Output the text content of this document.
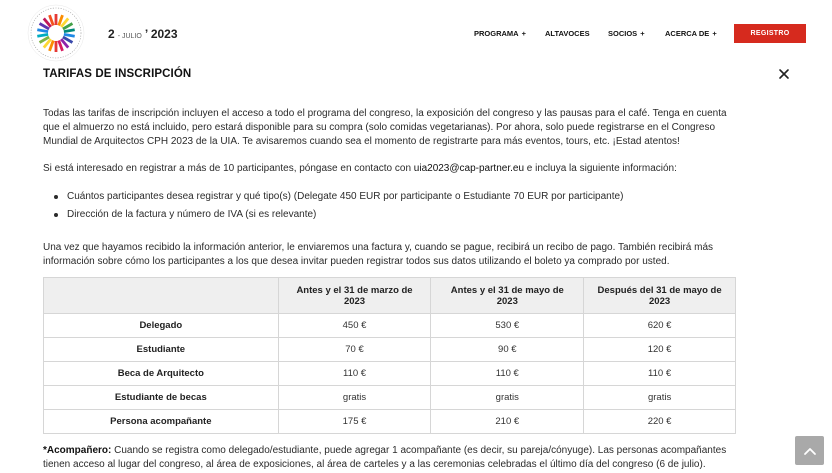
2 - JULIO ’ 2023	PROGRAMA +	ALTAVOCES SOCIOS +	ACERCA DE +	REGISTRO
TARIFAS DE INSCRIPCIÓN

Todas las tarifas de inscripción incluyen el acceso a todo el programa del congreso, la exposición del congreso y las pausas para el café. Tenga en cuenta que el almuerzo no está incluido, pero estará disponible para su compra (solo comidas vegetarianas). Por ahora, solo puede registrarse en el Congreso Mundial de Arquitectos CPH 2023 de la UIA. Te avisaremos cuando sea el momento de registrarte para más eventos, tours, etc. ¡Estad atentos!

Si está interesado en registrar a más de 10 participantes, póngase en contacto con uia2023@cap-partner.eu e incluya la siguiente información:

Cuántos participantes desea registrar y qué tipo(s) (Delegate 450 EUR por participante o Estudiante 70 EUR por participante)
Dirección de la factura y número de IVA (si es relevante)

Una vez que hayamos recibido la información anterior, le enviaremos una factura y, cuando se pague, recibirá un recibo de pago. También recibirá más información sobre cómo los participantes a los que desea invitar pueden registrar todos sus datos utilizando el boleto ya comprado por usted.

	Antes y el 31 de marzo de 2023	Antes y el 31 de mayo de 2023	Después del 31 de mayo de 2023
Delegado	450 €	530 €	620 €
Estudiante	70 €	90 €	120 €
Beca de Arquitecto	110 €	110 €	110 €
Estudiante de becas	gratis	gratis	gratis
Persona acompañante	175 €	210 €	220 €

*Acompañero: Cuando se registra como delegado/estudiante, puede agregar 1 acompañante (es decir, su pareja/cónyuge). Las personas acompañantes tienen acceso al lugar del congreso, al área de exposiciones, al área de carteles y a las ceremonias celebradas el último día del congreso (6 de julio).
